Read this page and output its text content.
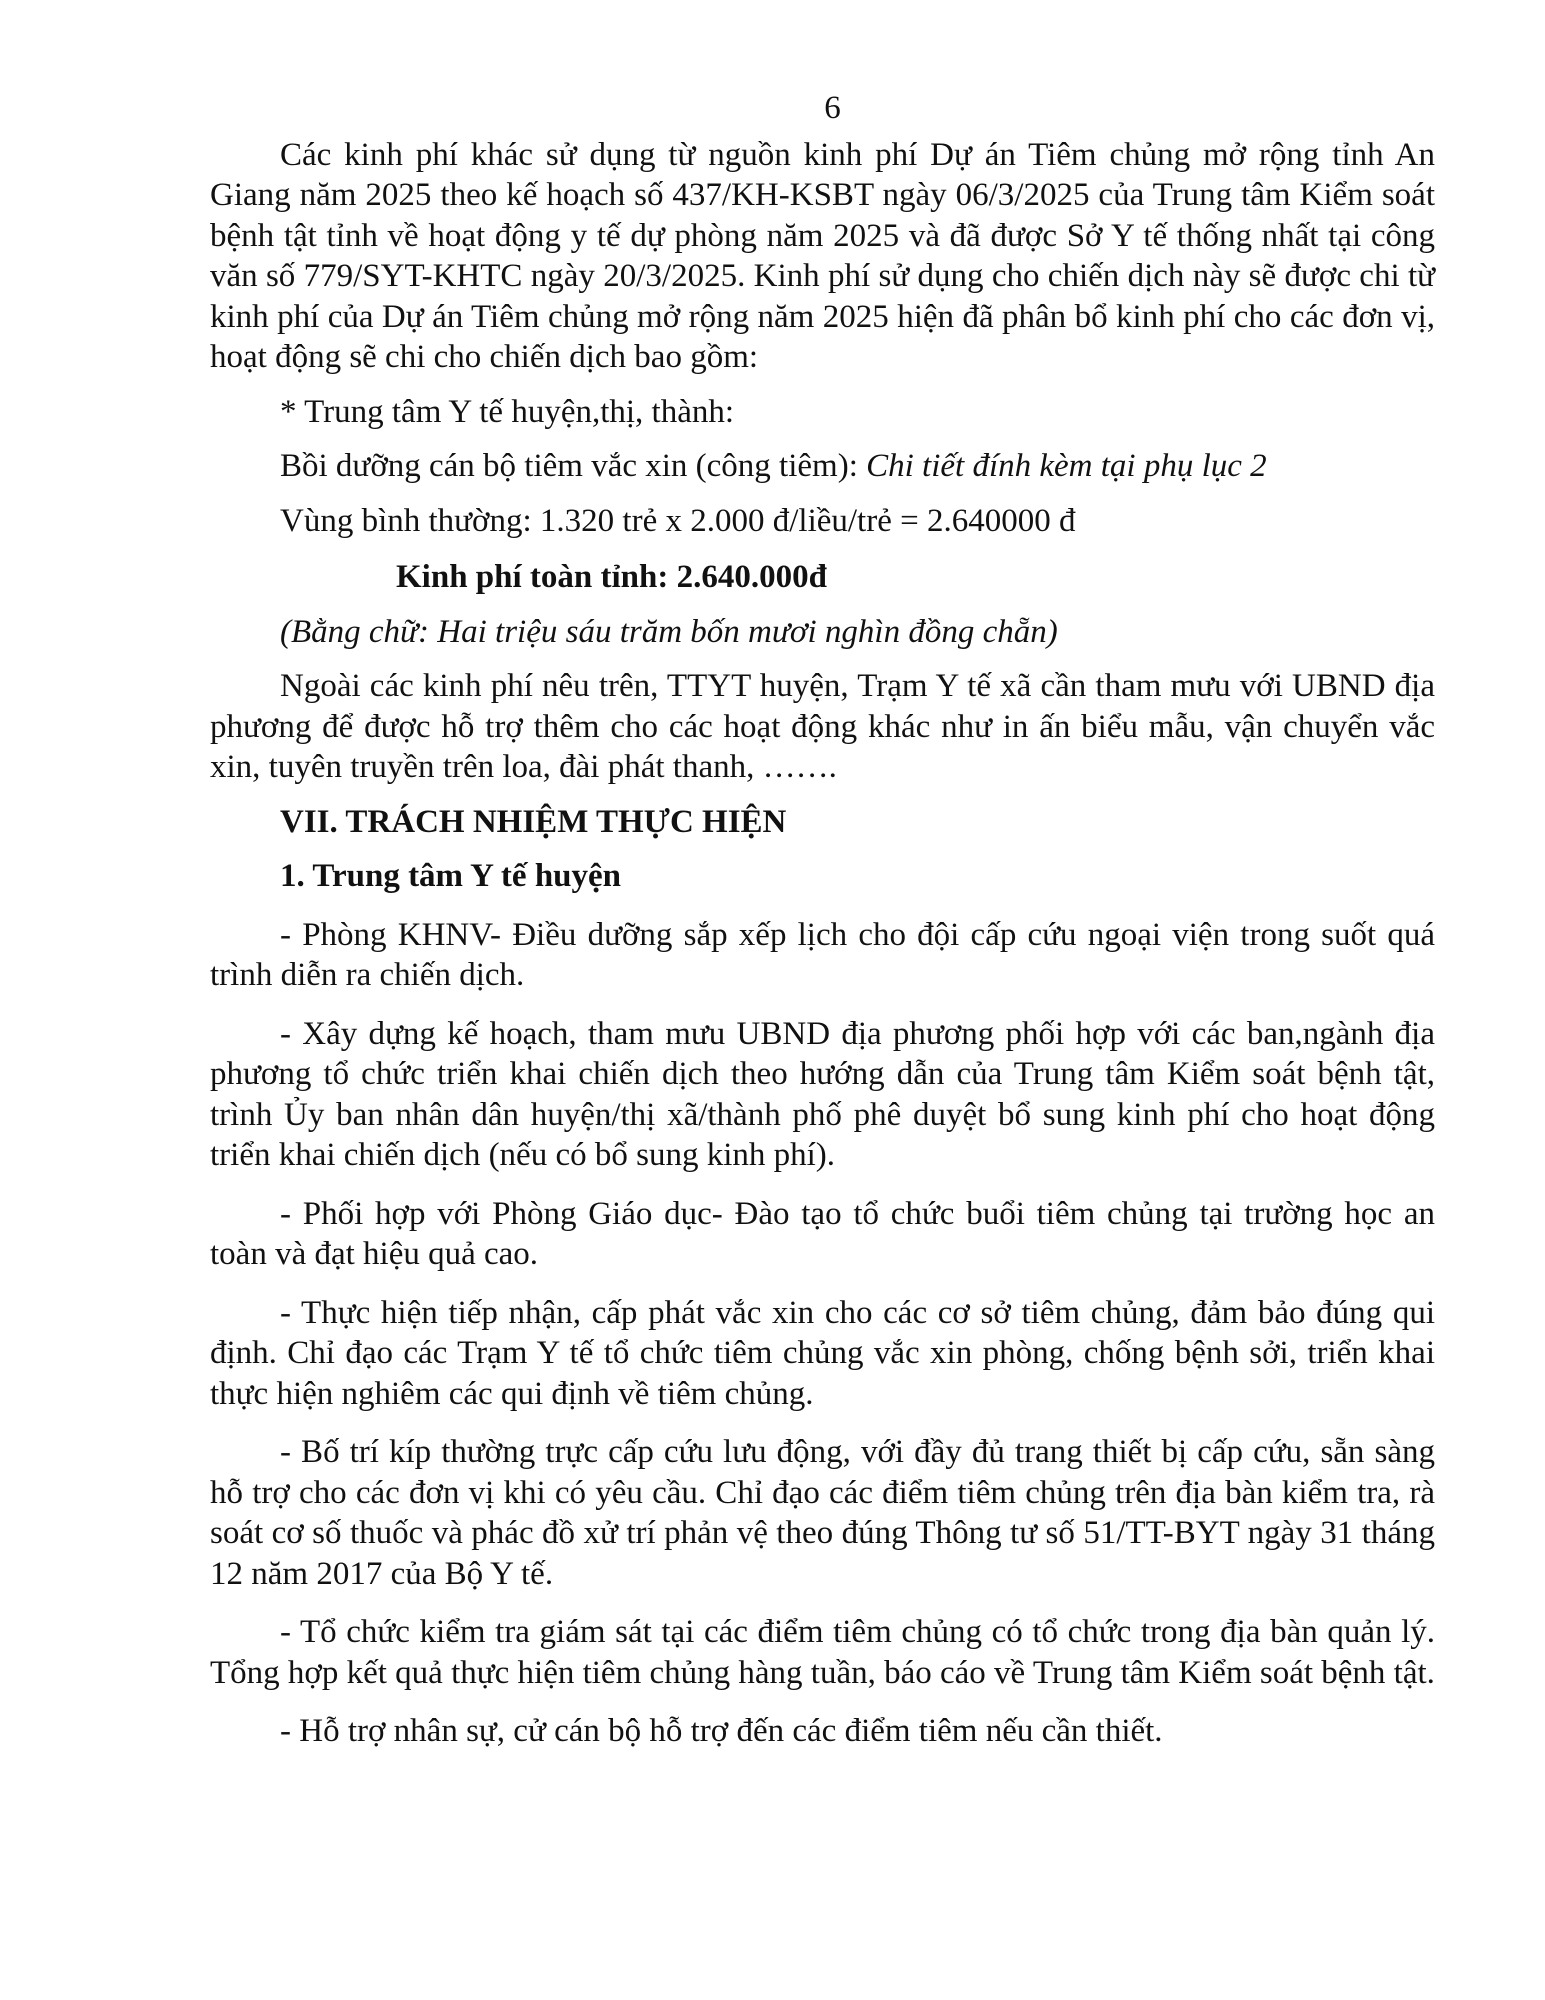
6

Các kinh phí khác sử dụng từ nguồn kinh phí Dự án Tiêm chủng mở rộng tỉnh An Giang năm 2025 theo kế hoạch số 437/KH-KSBT ngày 06/3/2025 của Trung tâm Kiểm soát bệnh tật tỉnh về hoạt động y tế dự phòng năm 2025 và đã được Sở Y tế thống nhất tại công văn số 779/SYT-KHTC ngày 20/3/2025. Kinh phí sử dụng cho chiến dịch này sẽ được chi từ kinh phí của Dự án Tiêm chủng mở rộng năm 2025 hiện đã phân bổ kinh phí cho các đơn vị, hoạt động sẽ chi cho chiến dịch bao gồm:

* Trung tâm Y tế huyện,thị, thành:

Bồi dưỡng cán bộ tiêm vắc xin (công tiêm): Chi tiết đính kèm tại phụ lục 2

Vùng bình thường: 1.320 trẻ x 2.000 đ/liều/trẻ = 2.640000 đ

Kinh phí toàn tỉnh: 2.640.000đ

(Bằng chữ: Hai triệu sáu trăm bốn mươi nghìn đồng chẵn)

Ngoài các kinh phí nêu trên, TTYT huyện, Trạm Y tế xã cần tham mưu với UBND địa phương để được hỗ trợ thêm cho các hoạt động khác như in ấn biểu mẫu, vận chuyển vắc xin, tuyên truyền trên loa, đài phát thanh, …….

VII. TRÁCH NHIỆM THỰC HIỆN

1. Trung tâm Y tế huyện

- Phòng KHNV- Điều dưỡng sắp xếp lịch cho đội cấp cứu ngoại viện trong suốt quá trình diễn ra chiến dịch.

- Xây dựng kế hoạch, tham mưu UBND địa phương phối hợp với các ban,ngành địa phương tổ chức triển khai chiến dịch theo hướng dẫn của Trung tâm Kiểm soát bệnh tật, trình Ủy ban nhân dân huyện/thị xã/thành phố phê duyệt bổ sung kinh phí cho hoạt động triển khai chiến dịch (nếu có bổ sung kinh phí).

- Phối hợp với Phòng Giáo dục- Đào tạo tổ chức buổi tiêm chủng tại trường học an toàn và đạt hiệu quả cao.

- Thực hiện tiếp nhận, cấp phát vắc xin cho các cơ sở tiêm chủng, đảm bảo đúng qui định. Chỉ đạo các Trạm Y tế tổ chức tiêm chủng vắc xin phòng, chống bệnh sởi, triển khai thực hiện nghiêm các qui định về tiêm chủng.

- Bố trí kíp thường trực cấp cứu lưu động, với đầy đủ trang thiết bị cấp cứu, sẵn sàng hỗ trợ cho các đơn vị khi có yêu cầu. Chỉ đạo các điểm tiêm chủng trên địa bàn kiểm tra, rà soát cơ số thuốc và phác đồ xử trí phản vệ theo đúng Thông tư số 51/TT-BYT ngày 31 tháng 12 năm 2017 của Bộ Y tế.

- Tổ chức kiểm tra giám sát tại các điểm tiêm chủng có tổ chức trong địa bàn quản lý. Tổng hợp kết quả thực hiện tiêm chủng hàng tuần, báo cáo về Trung tâm Kiểm soát bệnh tật.

- Hỗ trợ nhân sự, cử cán bộ hỗ trợ đến các điểm tiêm nếu cần thiết.
